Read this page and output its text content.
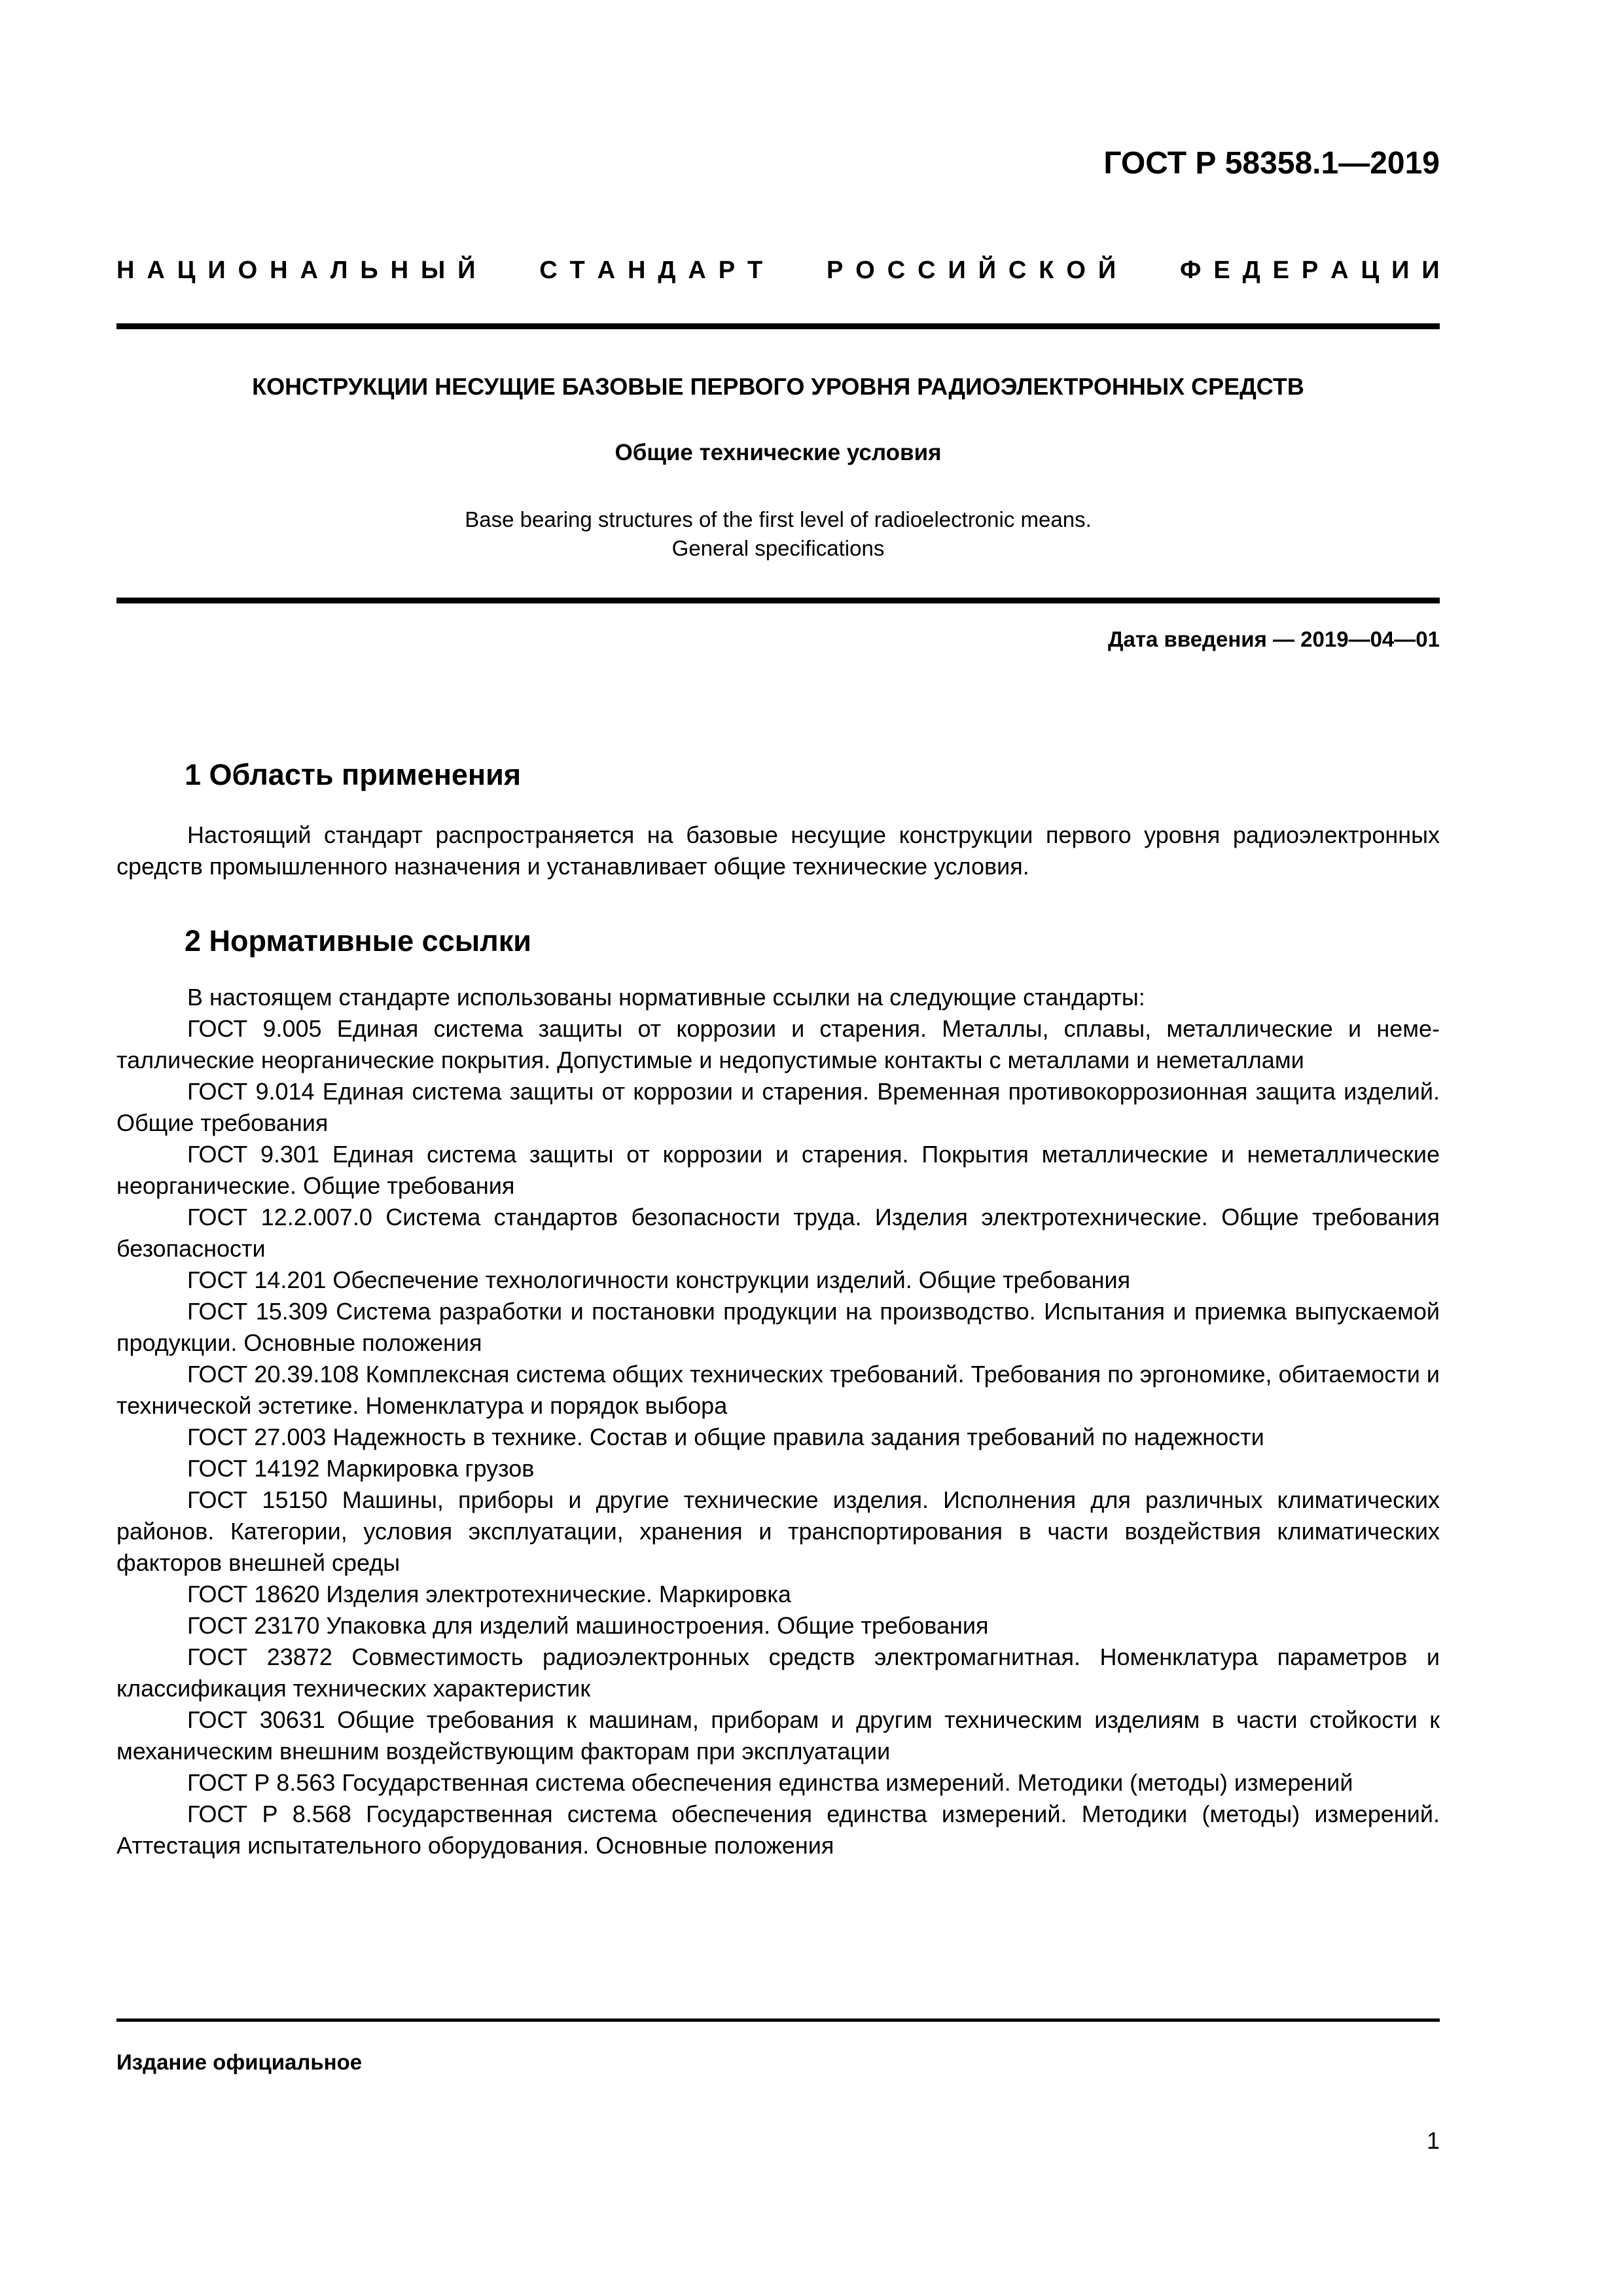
ГОСТ Р 58358.1—2019
Н А Ц И О Н А Л Ь Н Ы Й
	С Т А Н Д А Р Т
	Р О С С И Й С К О Й
	Ф Е Д Е Р А Ц И И
КОНСТРУКЦИИ НЕСУЩИЕ БАЗОВЫЕ ПЕРВОГО УРОВНЯ РАДИОЭЛЕКТРОННЫХ СРЕДСТВ
Общие технические условия
Base bearing structures of the first level of radioelectronic means.
General specifications
Дата введения — 2019—04—01
1 Область применения

Настоящий стандарт распространяется на базовые несущие конструкции первого уровня радиоэлектронных средств промышленного назначения и устанавливает общие технические условия.

2 Нормативные ссылки

В настоящем стандарте использованы нормативные ссылки на следующие стандарты:

ГОСТ 9.005 Единая система защиты от коррозии и старения. Металлы, сплавы, металлические и неметаллические неорганические покрытия. Допустимые и недопустимые контакты с металлами и неметаллами

ГОСТ 9.014 Единая система защиты от коррозии и старения. Временная противокоррозионная защита изделий. Общие требования

ГОСТ 9.301 Единая система защиты от коррозии и старения. Покрытия металлические и неметаллические неорганические. Общие требования

ГОСТ 12.2.007.0 Система стандартов безопасности труда. Изделия электротехнические. Общие требования безопасности

ГОСТ 14.201 Обеспечение технологичности конструкции изделий. Общие требования

ГОСТ 15.309 Система разработки и постановки продукции на производство. Испытания и приемка выпускаемой продукции. Основные положения

ГОСТ 20.39.108 Комплексная система общих технических требований. Требования по эргономике, обитаемости и технической эстетике. Номенклатура и порядок выбора

ГОСТ 27.003 Надежность в технике. Состав и общие правила задания требований по надежности

ГОСТ 14192 Маркировка грузов

ГОСТ 15150 Машины, приборы и другие технические изделия. Исполнения для различных климатических районов. Категории, условия эксплуатации, хранения и транспортирования в части воздействия климатических факторов внешней среды

ГОСТ 18620 Изделия электротехнические. Маркировка

ГОСТ 23170 Упаковка для изделий машиностроения. Общие требования

ГОСТ 23872 Совместимость радиоэлектронных средств электромагнитная. Номенклатура параметров и классификация технических характеристик

ГОСТ 30631 Общие требования к машинам, приборам и другим техническим изделиям в части стойкости к механическим внешним воздействующим факторам при эксплуатации

ГОСТ Р 8.563 Государственная система обеспечения единства измерений. Методики (методы) измерений

ГОСТ Р 8.568 Государственная система обеспечения единства измерений. Методики (методы) измерений. Аттестация испытательного оборудования. Основные положения

Издание официальное
1
